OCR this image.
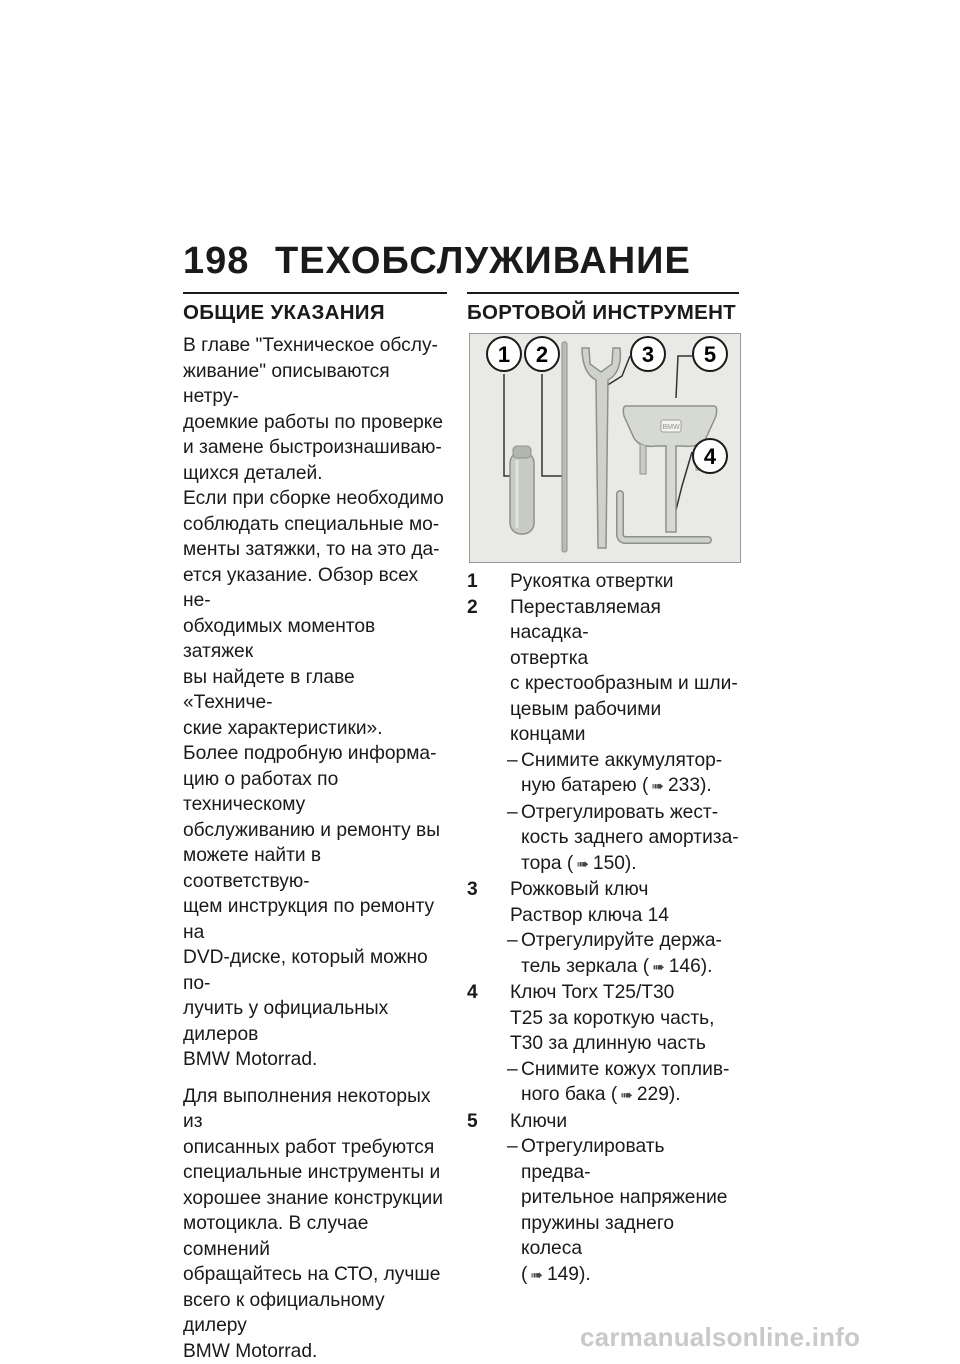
198 ТЕХОБСЛУЖИВАНИЕ
ОБЩИЕ УКАЗАНИЯ

В главе "Техническое обслу-
живание" описываются нетру-
доемкие работы по проверке
и замене быстроизнашиваю-
щихся деталей.

Если при сборке необходимо
соблюдать специальные мо-
менты затяжки, то на это да-
ется указание. Обзор всех не-
обходимых моментов затяжек
вы найдете в главе «Техниче-
ские характеристики».

Более подробную информа-
цию о работах по техническому
обслуживанию и ремонту вы
можете найти в соответствую-
щем инструкция по ремонту на
DVD-диске, который можно по-
лучить у официальных дилеров
BMW Motorrad.

Для выполнения некоторых из
описанных работ требуются
специальные инструменты и
хорошее знание конструкции
мотоцикла. В случае сомнений
обращайтесь на СТО, лучше
всего к официальному дилеру
BMW Motorrad.

БОРТОВОЙ ИНСТРУМЕНТ
BMW
1 2	3 5
4
1	Рукоятка отвертки
2	Переставляемая насадка-
отвертка
с крестообразным и шли-
цевым рабочими концами
– Снимите аккумулятор-
ную батарею ( ➠ 233).
– Отрегулировать жест-
кость заднего амортиза-
тора ( ➠ 150).
3	Рожковый ключ
Раствор ключа 14
– Отрегулируйте держа-
тель зеркала ( ➠ 146).
4	Ключ Torx T25/T30
T25 за короткую часть,
T30 за длинную часть
– Снимите кожух топлив-
ного бака ( ➠ 229).
5	Ключи
– Отрегулировать предва-
рительное напряжение
пружины заднего колеса
( ➠ 149).
carmanualsonline.info
